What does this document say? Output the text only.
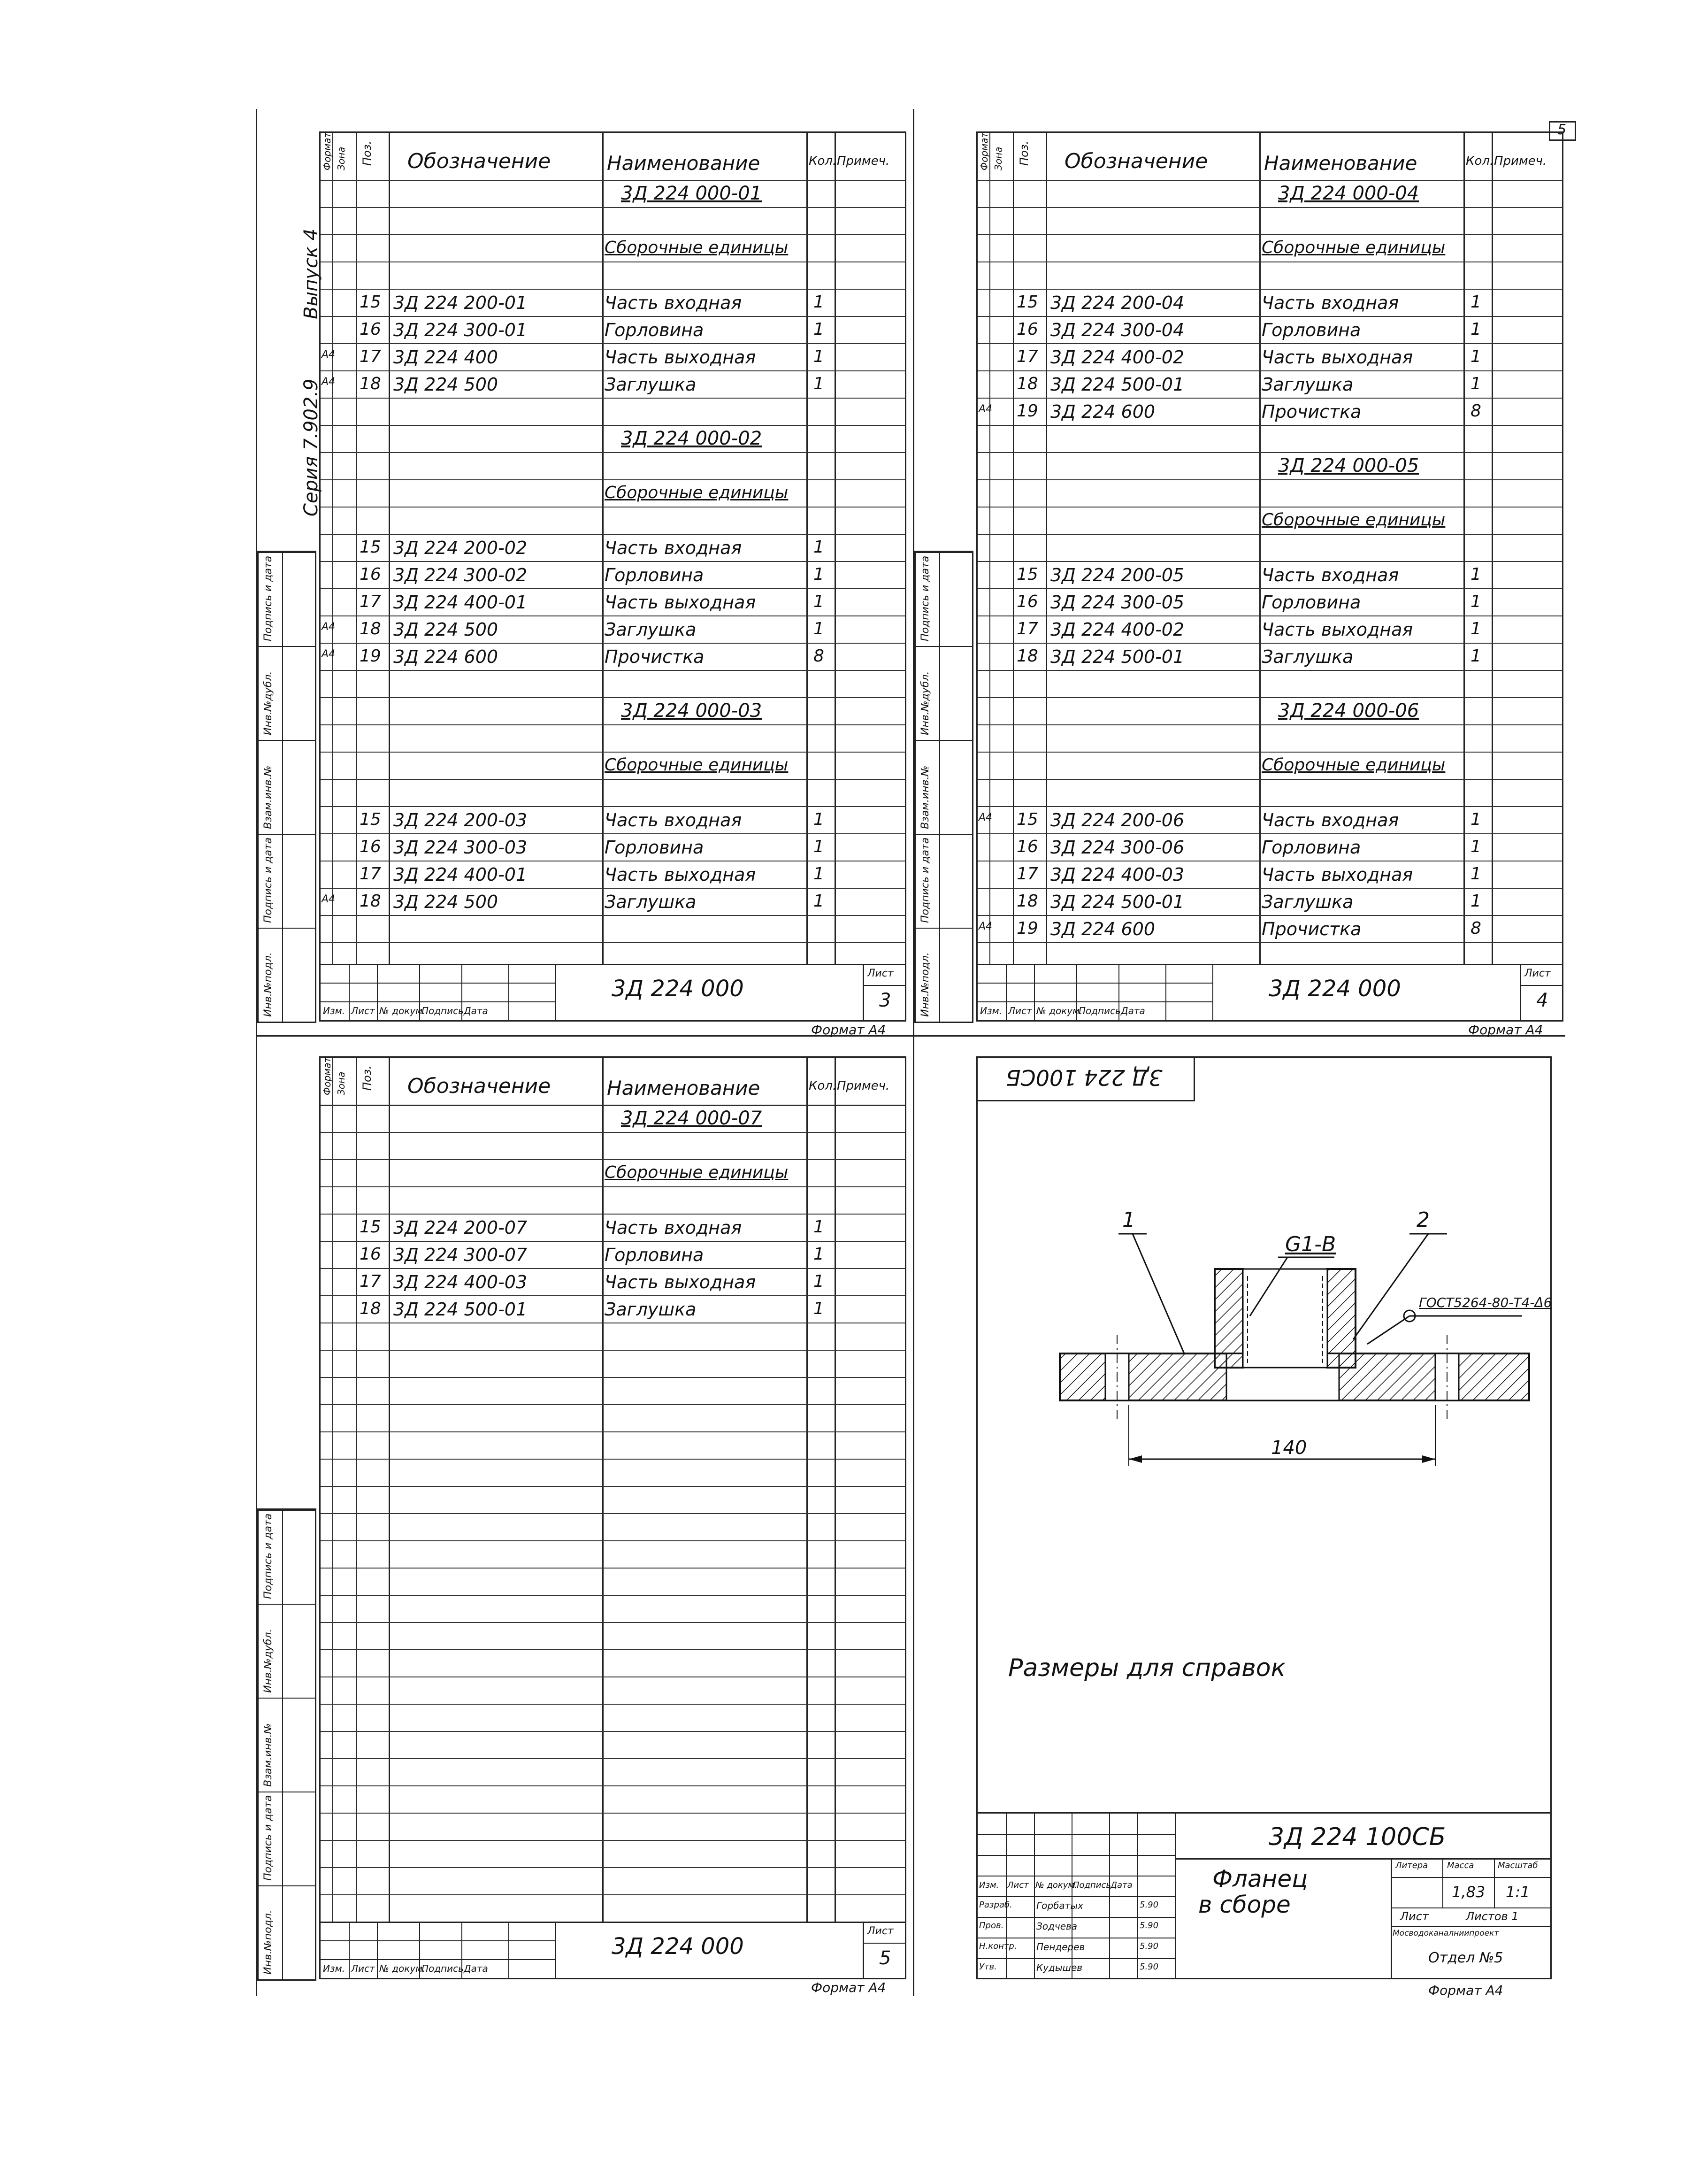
5
Серия 7.902.9
Выпуск 4
Формат Зона Поз. Обозначение	Наименование	Кол. Примеч.
3Д 224 000-01
Сборочные единицы
15 3Д 224 200-01	Часть входная	1
16 3Д 224 300-01	Горловина	1
А4 17 3Д 224 400	Часть выходная	1
А4 18 3Д 224 500	Заглушка	1
3Д 224 000-02
Сборочные единицы
15 3Д 224 200-02	Часть входная	1
16 3Д 224 300-02	Горловина	1
17 3Д 224 400-01	Часть выходная	1
А4 18 3Д 224 500	Заглушка	1
А4 19 3Д 224 600	Прочистка	8
3Д 224 000-03
Сборочные единицы
15 3Д 224 200-03	Часть входная	1
16 3Д 224 300-03	Горловина	1
17 3Д 224 400-01	Часть выходная	1
А4 18 3Д 224 500	Заглушка	1
Изм. Лист № докум.
Подпись Дата
3Д 224 000
Лист
3
Формат А4
Инв.№подл.
Подпись и дата
Взам.инв.№
Инв.№дубл.
Подпись и дата
Формат Зона Поз. Обозначение	Наименование	Кол. Примеч.
3Д 224 000-04
Сборочные единицы
15 3Д 224 200-04	Часть входная	1
16 3Д 224 300-04	Горловина	1
17 3Д 224 400-02	Часть выходная	1
18 3Д 224 500-01	Заглушка	1
А4 19 3Д 224 600	Прочистка	8
3Д 224 000-05
Сборочные единицы
15 3Д 224 200-05	Часть входная	1
16 3Д 224 300-05	Горловина	1
17 3Д 224 400-02	Часть выходная	1
18 3Д 224 500-01	Заглушка	1
3Д 224 000-06
Сборочные единицы
А4 15 3Д 224 200-06	Часть входная	1
16 3Д 224 300-06	Горловина	1
17 3Д 224 400-03	Часть выходная	1
18 3Д 224 500-01	Заглушка	1
А4 19 3Д 224 600	Прочистка	8
Изм. Лист № докум.
Подпись Дата
3Д 224 000
Лист
4
Формат А4
Инв.№подл.
Подпись и дата
Взам.инв.№
Инв.№дубл.
Подпись и дата
Формат Зона Поз. Обозначение	Наименование	Кол. Примеч.
3Д 224 000-07
Сборочные единицы
15 3Д 224 200-07	Часть входная	1
16 3Д 224 300-07	Горловина	1
17 3Д 224 400-03	Часть выходная	1
18 3Д 224 500-01	Заглушка	1
Изм. Лист № докум.
Подпись Дата
3Д 224 000
Лист
5
Формат А4
Инв.№подл.
Подпись и дата
Взам.инв.№
Инв.№дубл.
Подпись и дата
3Д 224 100СБ
1	2
G1-B
ГОСТ5264-80-Т4-Δ6
140
Размеры для справок
3Д 224 100СБ
Фланец
в сборе
Литера Масса	Масштаб
1,83 1:1
Лист	Листов 1
Мосводоканалниипроект
Отдел №5
Формат А4
Изм. Лист № докум.
Подпись Дата
Разраб.	Горбатых	5.90
Пров.	Зодчева	5.90
Н.контр. Пендерев	5.90
Утв.	Кудышев	5.90
